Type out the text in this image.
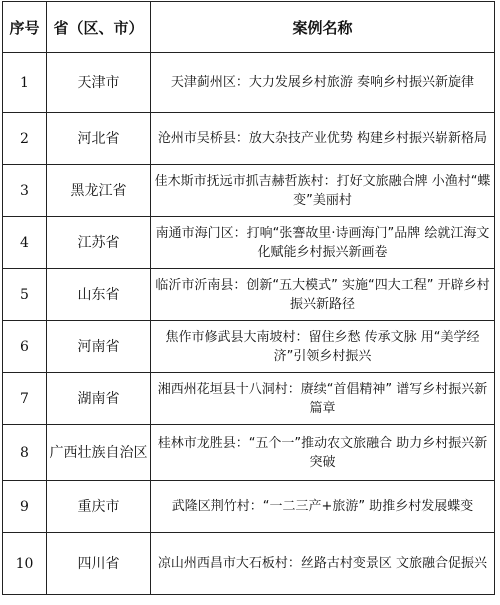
序号	省（区、市）	案例名称
1	天津市	天津蓟州区：大力发展乡村旅游 奏响乡村振兴新旋律
2	河北省	沧州市吴桥县：放大杂技产业优势 构建乡村振兴崭新格局
3	黑龙江省	佳木斯市抚远市抓吉赫哲族村：打好文旅融合牌 小渔村“蝶变”美丽村
4	江苏省	南通市海门区：打响“张謇故里·诗画海门”品牌 绘就江海文化赋能乡村振兴新画卷
5	山东省	临沂市沂南县：创新“五大模式” 实施“四大工程” 开辟乡村振兴新路径
6	河南省	焦作市修武县大南坡村：留住乡愁 传承文脉 用“美学经济”引领乡村振兴
7	湖南省	湘西州花垣县十八洞村：赓续“首倡精神” 谱写乡村振兴新篇章
8	广西壮族自治区	桂林市龙胜县：“五个一”推动农文旅融合 助力乡村振兴新突破
9	重庆市	武隆区荆竹村：“一二三产+旅游” 助推乡村发展蝶变
10	四川省	凉山州西昌市大石板村：丝路古村变景区 文旅融合促振兴
